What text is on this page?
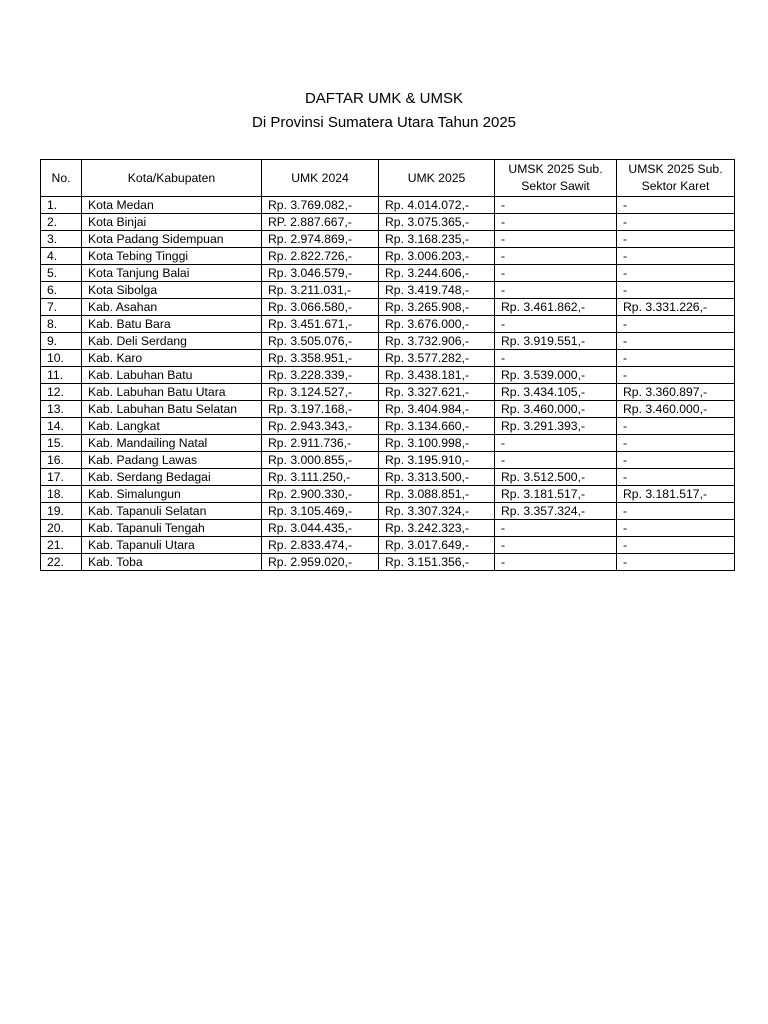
DAFTAR UMK & UMSK
Di Provinsi Sumatera Utara Tahun 2025
No.	Kota/Kabupaten	UMK 2024	UMK 2025	UMSK 2025 Sub. Sektor Sawit	UMSK 2025 Sub. Sektor Karet
1.	Kota Medan	Rp. 3.769.082,-	Rp. 4.014.072,-	-	-
2.	Kota Binjai	RP. 2.887.667,-	Rp. 3.075.365,-	-	-
3.	Kota Padang Sidempuan	Rp. 2.974.869,-	Rp. 3.168.235,-	-	-
4.	Kota Tebing Tinggi	Rp. 2.822.726,-	Rp. 3.006.203,-	-	-
5.	Kota Tanjung Balai	Rp. 3.046.579,-	Rp. 3.244.606,-	-	-
6.	Kota Sibolga	Rp. 3.211.031,-	Rp. 3.419.748,-	-	-
7.	Kab. Asahan	Rp. 3.066.580,-	Rp. 3.265.908,-	Rp. 3.461.862,-	Rp. 3.331.226,-
8.	Kab. Batu Bara	Rp. 3.451.671,-	Rp. 3.676.000,-	-	-
9.	Kab. Deli Serdang	Rp. 3.505.076,-	Rp. 3.732.906,-	Rp. 3.919.551,-	-
10.	Kab. Karo	Rp. 3.358.951,-	Rp. 3.577.282,-	-	-
11.	Kab. Labuhan Batu	Rp. 3.228.339,-	Rp. 3.438.181,-	Rp. 3.539.000,-	-
12.	Kab. Labuhan Batu Utara	Rp. 3.124.527,-	Rp. 3.327.621,-	Rp. 3.434.105,-	Rp. 3.360.897,-
13.	Kab. Labuhan Batu Selatan	Rp. 3.197.168,-	Rp. 3.404.984,-	Rp. 3.460.000,-	Rp. 3.460.000,-
14.	Kab. Langkat	Rp. 2.943.343,-	Rp. 3.134.660,-	Rp. 3.291.393,-	-
15.	Kab. Mandailing Natal	Rp. 2.911.736,-	Rp. 3.100.998,-	-	-
16.	Kab. Padang Lawas	Rp. 3.000.855,-	Rp. 3.195.910,-	-	-
17.	Kab. Serdang Bedagai	Rp. 3.111.250,-	Rp. 3.313.500,-	Rp. 3.512.500,-	-
18.	Kab. Simalungun	Rp. 2.900.330,-	Rp. 3.088.851,-	Rp. 3.181.517,-	Rp. 3.181.517,-
19.	Kab. Tapanuli Selatan	Rp. 3.105.469,-	Rp. 3.307.324,-	Rp. 3.357.324,-	-
20.	Kab. Tapanuli Tengah	Rp. 3.044.435,-	Rp. 3.242.323,-	-	-
21.	Kab. Tapanuli Utara	Rp. 2.833.474,-	Rp. 3.017.649,-	-	-
22.	Kab. Toba	Rp. 2.959.020,-	Rp. 3.151.356,-	-	-
